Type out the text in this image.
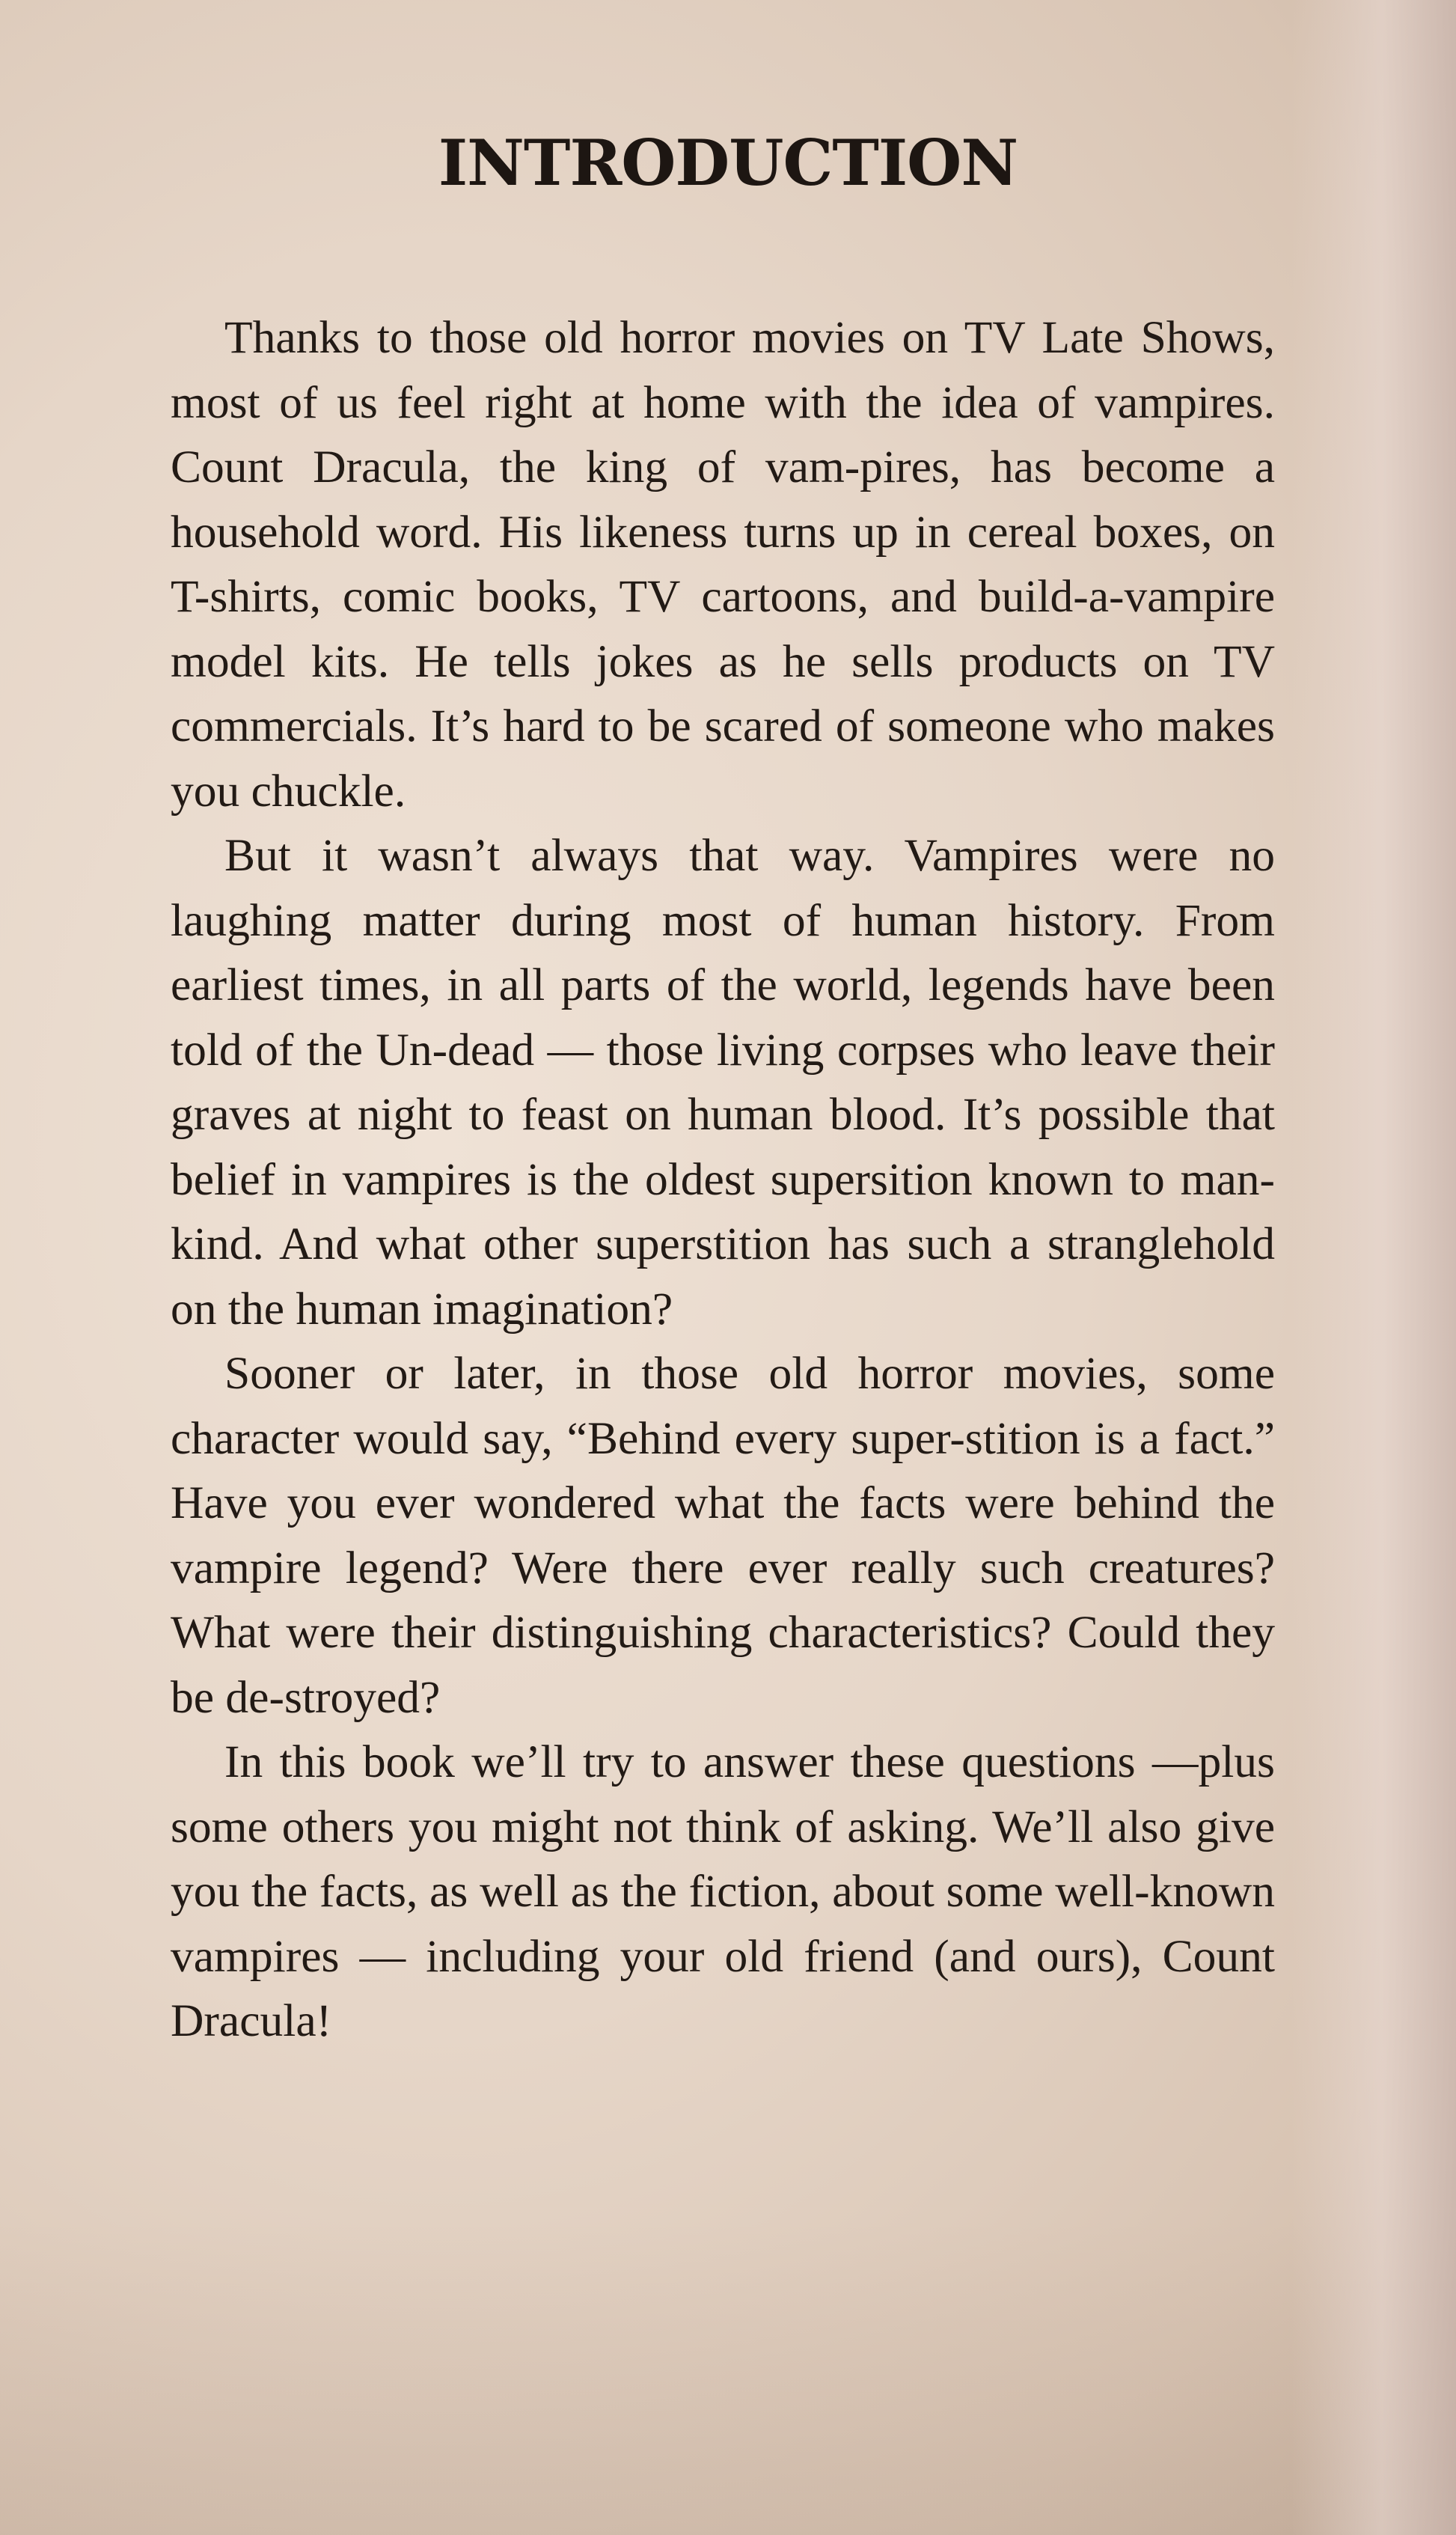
INTRODUCTION

Thanks to those old horror movies on TV Late Shows, most of us feel right at home with the idea of vampires. Count Dracula, the king of vam-pires, has become a household word. His likeness turns up in cereal boxes, on T-shirts, comic books, TV cartoons, and build-a-vampire model kits. He tells jokes as he sells products on TV commercials. It’s hard to be scared of someone who makes you chuckle.

But it wasn’t always that way. Vampires were no laughing matter during most of human history. From earliest times, in all parts of the world, legends have been told of the Un-dead — those living corpses who leave their graves at night to feast on human blood. It’s possible that belief in vampires is the oldest supersition known to man-kind. And what other superstition has such a stranglehold on the human imagination?

Sooner or later, in those old horror movies, some character would say, “Behind every super-stition is a fact.” Have you ever wondered what the facts were behind the vampire legend? Were there ever really such creatures? What were their distinguishing characteristics? Could they be de-stroyed?

In this book we’ll try to answer these questions —plus some others you might not think of asking. We’ll also give you the facts, as well as the fiction, about some well-known vampires — including your old friend (and ours), Count Dracula!
